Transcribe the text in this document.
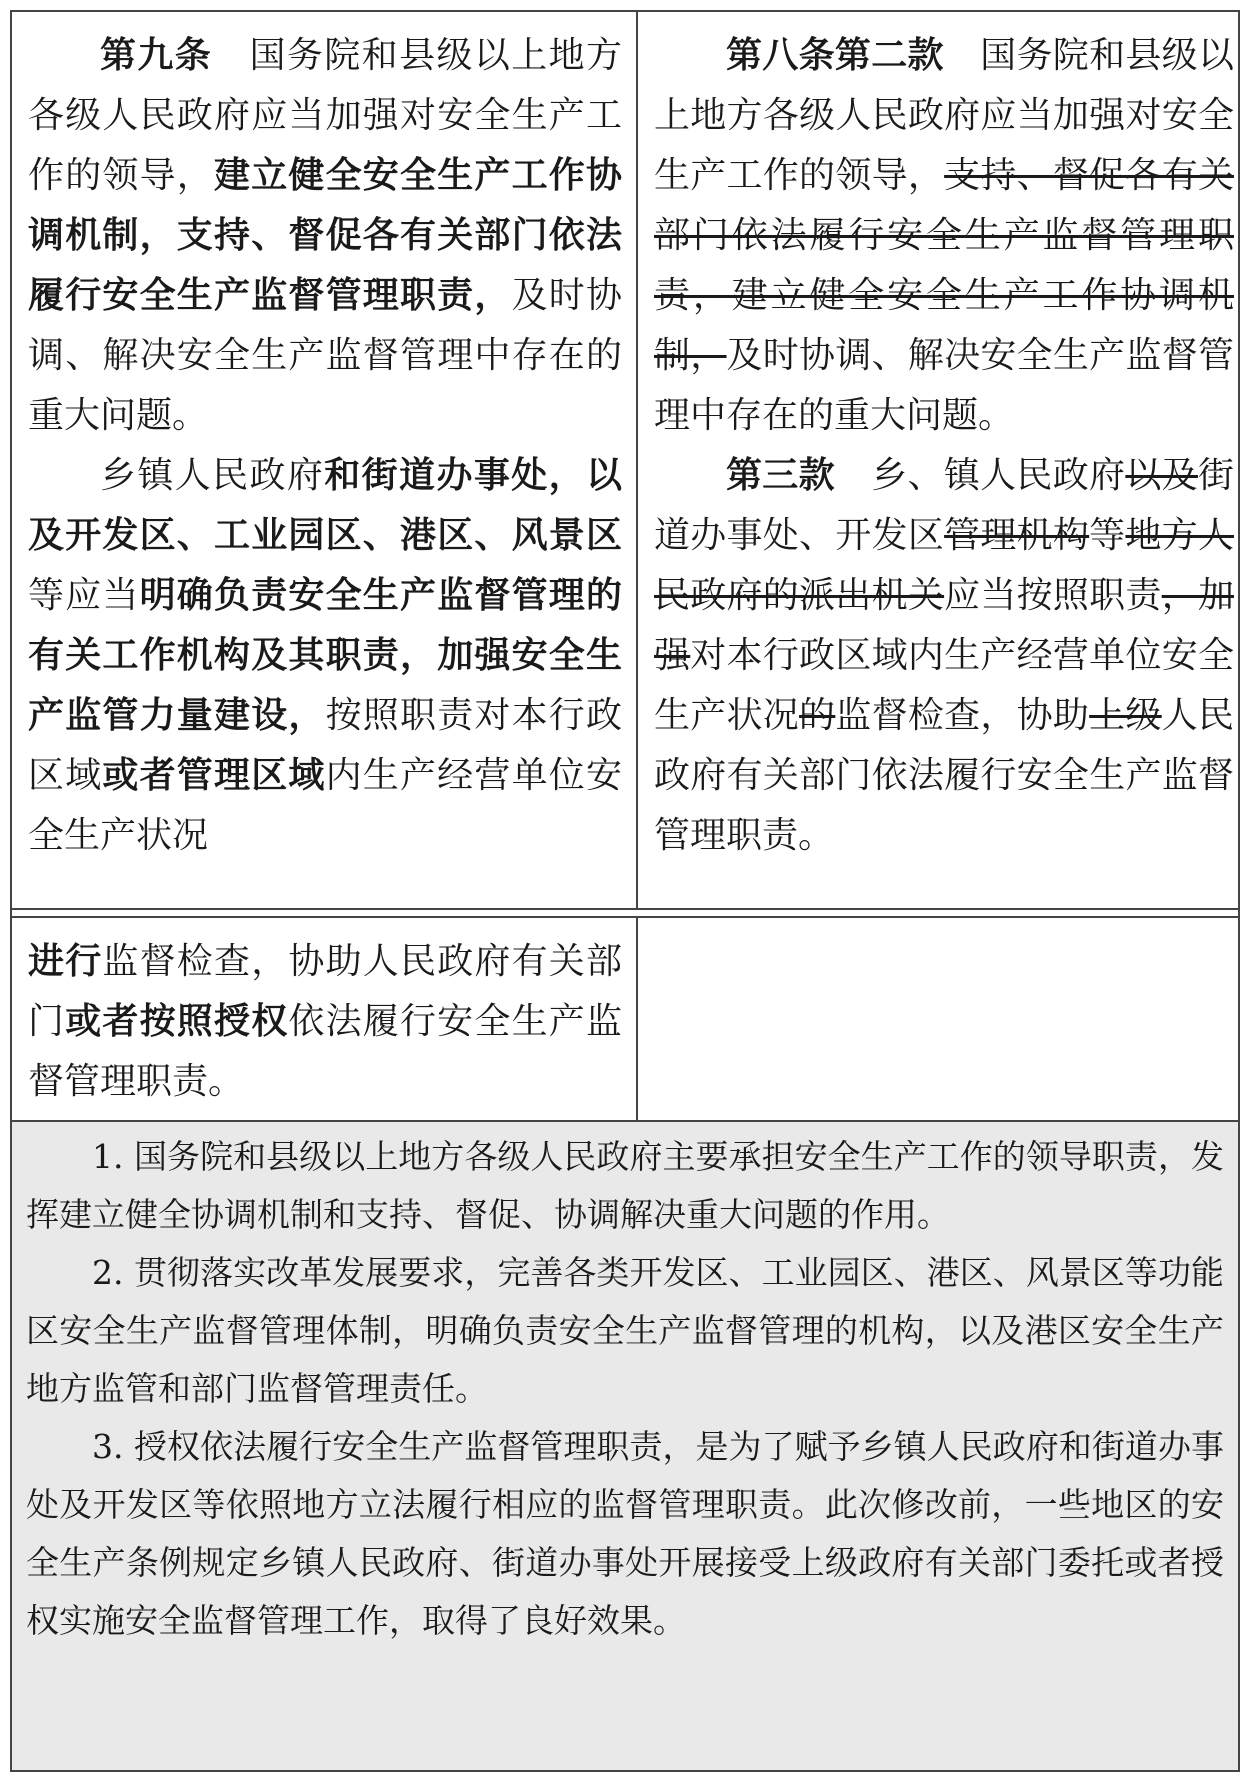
第九条　国务院和县级以上地方各级人民政府应当加强对安全生产工作的领导，建立健全安全生产工作协调机制，支持、督促各有关部门依法履行安全生产监督管理职责，及时协调、解决安全生产监督管理中存在的重大问题。

乡镇人民政府和街道办事处，以及开发区、工业园区、港区、风景区等应当明确负责安全生产监督管理的有关工作机构及其职责，加强安全生产监管力量建设，按照职责对本行政区域或者管理区域内生产经营单位安全生产状况

第八条第二款　国务院和县级以上地方各级人民政府应当加强对安全生产工作的领导，支持、督促各有关部门依法履行安全生产监督管理职责，建立健全安全生产工作协调机制，及时协调、解决安全生产监督管理中存在的重大问题。

第三款　乡、镇人民政府以及街道办事处、开发区管理机构等地方人民政府的派出机关应当按照职责，加强对本行政区域内生产经营单位安全生产状况的监督检查，协助上级人民政府有关部门依法履行安全生产监督管理职责。

进行监督检查，协助人民政府有关部门或者按照授权依法履行安全生产监督管理职责。

1. 国务院和县级以上地方各级人民政府主要承担安全生产工作的领导职责，发挥建立健全协调机制和支持、督促、协调解决重大问题的作用。

2. 贯彻落实改革发展要求，完善各类开发区、工业园区、港区、风景区等功能区安全生产监督管理体制，明确负责安全生产监督管理的机构，以及港区安全生产地方监管和部门监督管理责任。

3. 授权依法履行安全生产监督管理职责，是为了赋予乡镇人民政府和街道办事处及开发区等依照地方立法履行相应的监督管理职责。此次修改前，一些地区的安全生产条例规定乡镇人民政府、街道办事处开展接受上级政府有关部门委托或者授权实施安全监督管理工作，取得了良好效果。
